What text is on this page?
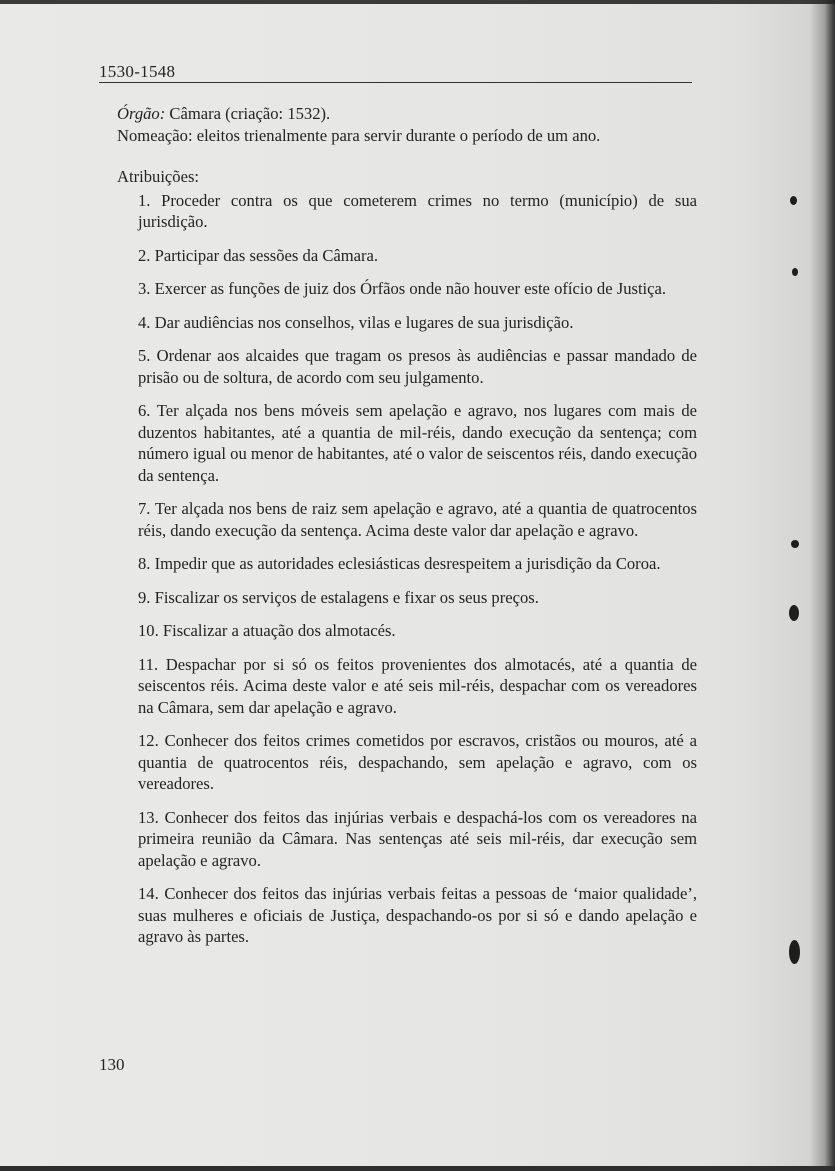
1530-1548

Órgão: Câmara (criação: 1532).

Nomeação: eleitos trienalmente para servir durante o período de um ano.

Atribuições:

1. Proceder contra os que cometerem crimes no termo (município) de sua jurisdição.
2. Participar das sessões da Câmara.
3. Exercer as funções de juiz dos Órfãos onde não houver este ofício de Justiça.
4. Dar audiências nos conselhos, vilas e lugares de sua jurisdição.
5. Ordenar aos alcaides que tragam os presos às audiências e passar mandado de prisão ou de soltura, de acordo com seu julgamento.
6. Ter alçada nos bens móveis sem apelação e agravo, nos lugares com mais de duzentos habitantes, até a quantia de mil-réis, dando execução da sentença; com número igual ou menor de habitantes, até o valor de seiscentos réis, dando execução da sentença.
7. Ter alçada nos bens de raiz sem apelação e agravo, até a quantia de quatrocentos réis, dando execução da sentença. Acima deste valor dar apelação e agravo.
8. Impedir que as autoridades eclesiásticas desrespeitem a jurisdição da Coroa.
9. Fiscalizar os serviços de estalagens e fixar os seus preços.
10. Fiscalizar a atuação dos almotacés.
11. Despachar por si só os feitos provenientes dos almotacés, até a quantia de seiscentos réis. Acima deste valor e até seis mil-réis, despachar com os vereadores na Câmara, sem dar apelação e agravo.
12. Conhecer dos feitos crimes cometidos por escravos, cristãos ou mouros, até a quantia de quatrocentos réis, despachando, sem apelação e agravo, com os vereadores.
13. Conhecer dos feitos das injúrias verbais e despachá-los com os vereadores na primeira reunião da Câmara. Nas sentenças até seis mil-réis, dar execução sem apelação e agravo.
14. Conhecer dos feitos das injúrias verbais feitas a pessoas de ‘maior qualidade’, suas mulheres e oficiais de Justiça, despachando-os por si só e dando apelação e agravo às partes.
130
